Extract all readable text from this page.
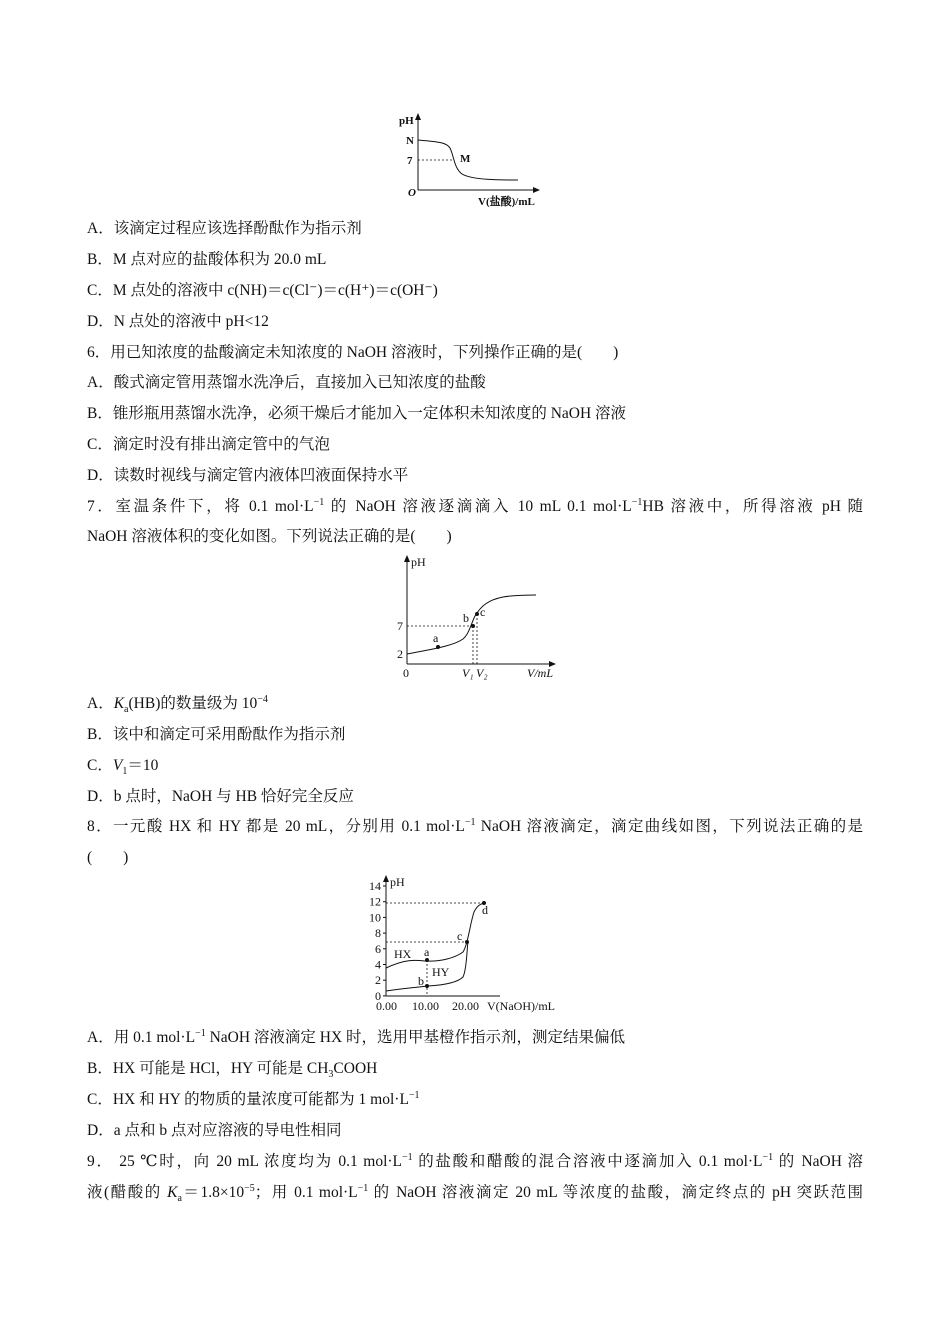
pH
N
7
O
M
V(盐酸)/mL
A．该滴定过程应该选择酚酞作为指示剂
B．M 点对应的盐酸体积为 20.0 mL
C．M 点处的溶液中 c(NH)＝c(Cl⁻)＝c(H⁺)＝c(OH⁻)
D．N 点处的溶液中 pH<12
6．用已知浓度的盐酸滴定未知浓度的 NaOH 溶液时，下列操作正确的是(　　)
A．酸式滴定管用蒸馏水洗净后，直接加入已知浓度的盐酸
B．锥形瓶用蒸馏水洗净，必须干燥后才能加入一定体积未知浓度的 NaOH 溶液
C．滴定时没有排出滴定管中的气泡
D．读数时视线与滴定管内液体凹液面保持水平
7．室温条件下，将 0.1 $mol\cdot L^{-1}$ 的 NaOH 溶液逐滴滴入 10 mL 0.1 $mol\cdot L^{-1}HB$ 溶液中，所得溶液 pH 随
NaOH 溶液体积的变化如图。下列说法正确的是(　　)
pH
7
2
0
a
b c
V₁ V₂	V/mL
A．$K_a(HB)$的数量级为 $10^{-4}$
B．该中和滴定可采用酚酞作为指示剂
C．$V_1=10$
D．b 点时，NaOH 与 HB 恰好完全反应
8．一元酸 HX 和 HY 都是 20 mL，分别用 0.1 $mol\cdot L^{-1}$ NaOH 溶液滴定，滴定曲线如图，下列说法正确的是
(　　)
14
12
10
8
6
4
2
0
pH
HX
HY
a
b
c
d
0.00 10.00 20.00 V(NaOH)/mL
A．用 0.1 $mol\cdot L^{-1}$ NaOH 溶液滴定 HX 时，选用甲基橙作指示剂，测定结果偏低
B．HX 可能是 HCl，HY 可能是 $CH_3COOH$
C．HX 和 HY 的物质的量浓度可能都为 1 $mol\cdot L^{-1}$
D．a 点和 b 点对应溶液的导电性相同
9． 25 ℃时，向 20 mL 浓度均为 0.1 $mol\cdot L^{-1}$ 的盐酸和醋酸的混合溶液中逐滴加入 0.1 $mol\cdot L^{-1}$ 的 NaOH 溶
液(醋酸的 $K_a=1.8\times 10^{-5}$；用 0.1 $mol\cdot L^{-1}$ 的 NaOH 溶液滴定 20 mL 等浓度的盐酸，滴定终点的 pH 突跃范围
